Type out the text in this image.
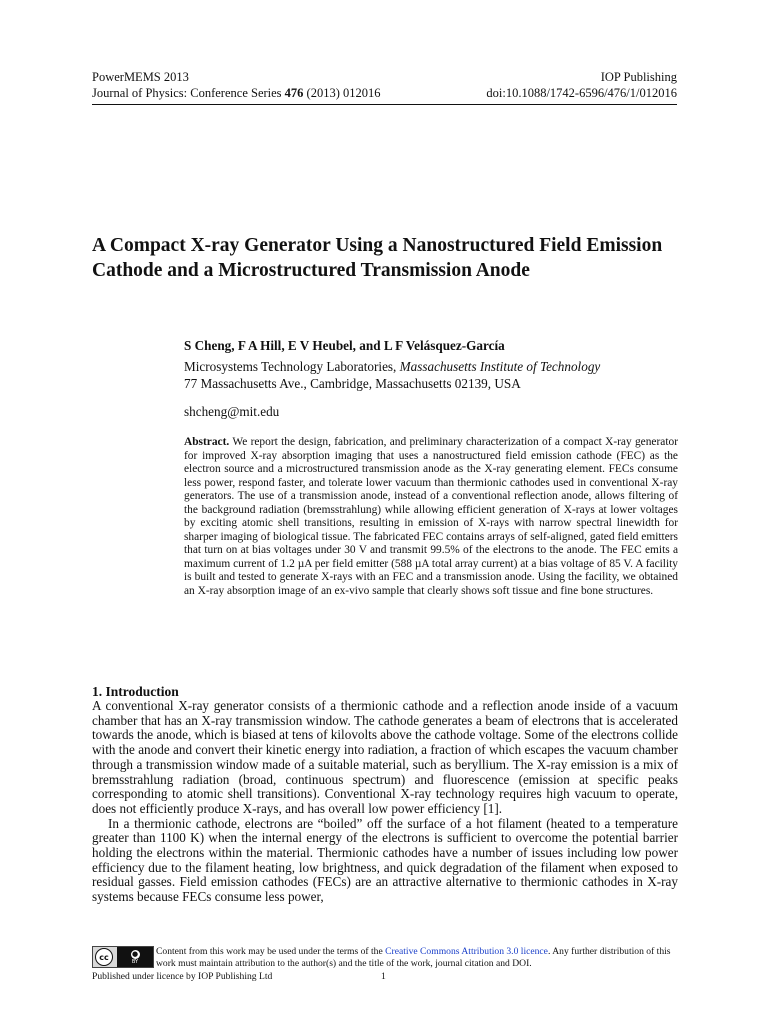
PowerMEMS 2013	IOP Publishing
Journal of Physics: Conference Series 476 (2013) 012016	doi:10.1088/1742-6596/476/1/012016
A Compact X-ray Generator Using a Nanostructured Field Emission Cathode and a Microstructured Transmission Anode
S Cheng, F A Hill, E V Heubel, and L F Velásquez-García
Microsystems Technology Laboratories, Massachusetts Institute of Technology
77 Massachusetts Ave., Cambridge, Massachusetts 02139, USA
shcheng@mit.edu
Abstract. We report the design, fabrication, and preliminary characterization of a compact X-ray generator for improved X-ray absorption imaging that uses a nanostructured field emission cathode (FEC) as the electron source and a microstructured transmission anode as the X-ray generating element. FECs consume less power, respond faster, and tolerate lower vacuum than thermionic cathodes used in conventional X-ray generators. The use of a transmission anode, instead of a conventional reflection anode, allows filtering of the background radiation (bremsstrahlung) while allowing efficient generation of X-rays at lower voltages by exciting atomic shell transitions, resulting in emission of X-rays with narrow spectral linewidth for sharper imaging of biological tissue. The fabricated FEC contains arrays of self-aligned, gated field emitters that turn on at bias voltages under 30 V and transmit 99.5% of the electrons to the anode. The FEC emits a maximum current of 1.2 µA per field emitter (588 µA total array current) at a bias voltage of 85 V. A facility is built and tested to generate X-rays with an FEC and a transmission anode. Using the facility, we obtained an X-ray absorption image of an ex-vivo sample that clearly shows soft tissue and fine bone structures.
1. Introduction

A conventional X-ray generator consists of a thermionic cathode and a reflection anode inside of a vacuum chamber that has an X-ray transmission window. The cathode generates a beam of electrons that is accelerated towards the anode, which is biased at tens of kilovolts above the cathode voltage. Some of the electrons collide with the anode and convert their kinetic energy into radiation, a fraction of which escapes the vacuum chamber through a transmission window made of a suitable material, such as beryllium. The X-ray emission is a mix of bremsstrahlung radiation (broad, continuous spectrum) and fluorescence (emission at specific peaks corresponding to atomic shell transitions). Conventional X-ray technology requires high vacuum to operate, does not efficiently produce X-rays, and has overall low power efficiency [1].

In a thermionic cathode, electrons are “boiled” off the surface of a hot filament (heated to a temperature greater than 1100 K) when the internal energy of the electrons is sufficient to overcome the potential barrier holding the electrons within the material. Thermionic cathodes have a number of issues including low power efficiency due to the filament heating, low brightness, and quick degradation of the filament when exposed to residual gasses. Field emission cathodes (FECs) are an attractive alternative to thermionic cathodes in X-ray systems because FECs consume less power,

cc	●
BY
Content from this work may be used under the terms of the Creative Commons Attribution 3.0 licence. Any further distribution of this work must maintain attribution to the author(s) and the title of the work, journal citation and DOI.
Published under licence by IOP Publishing Ltd	1
